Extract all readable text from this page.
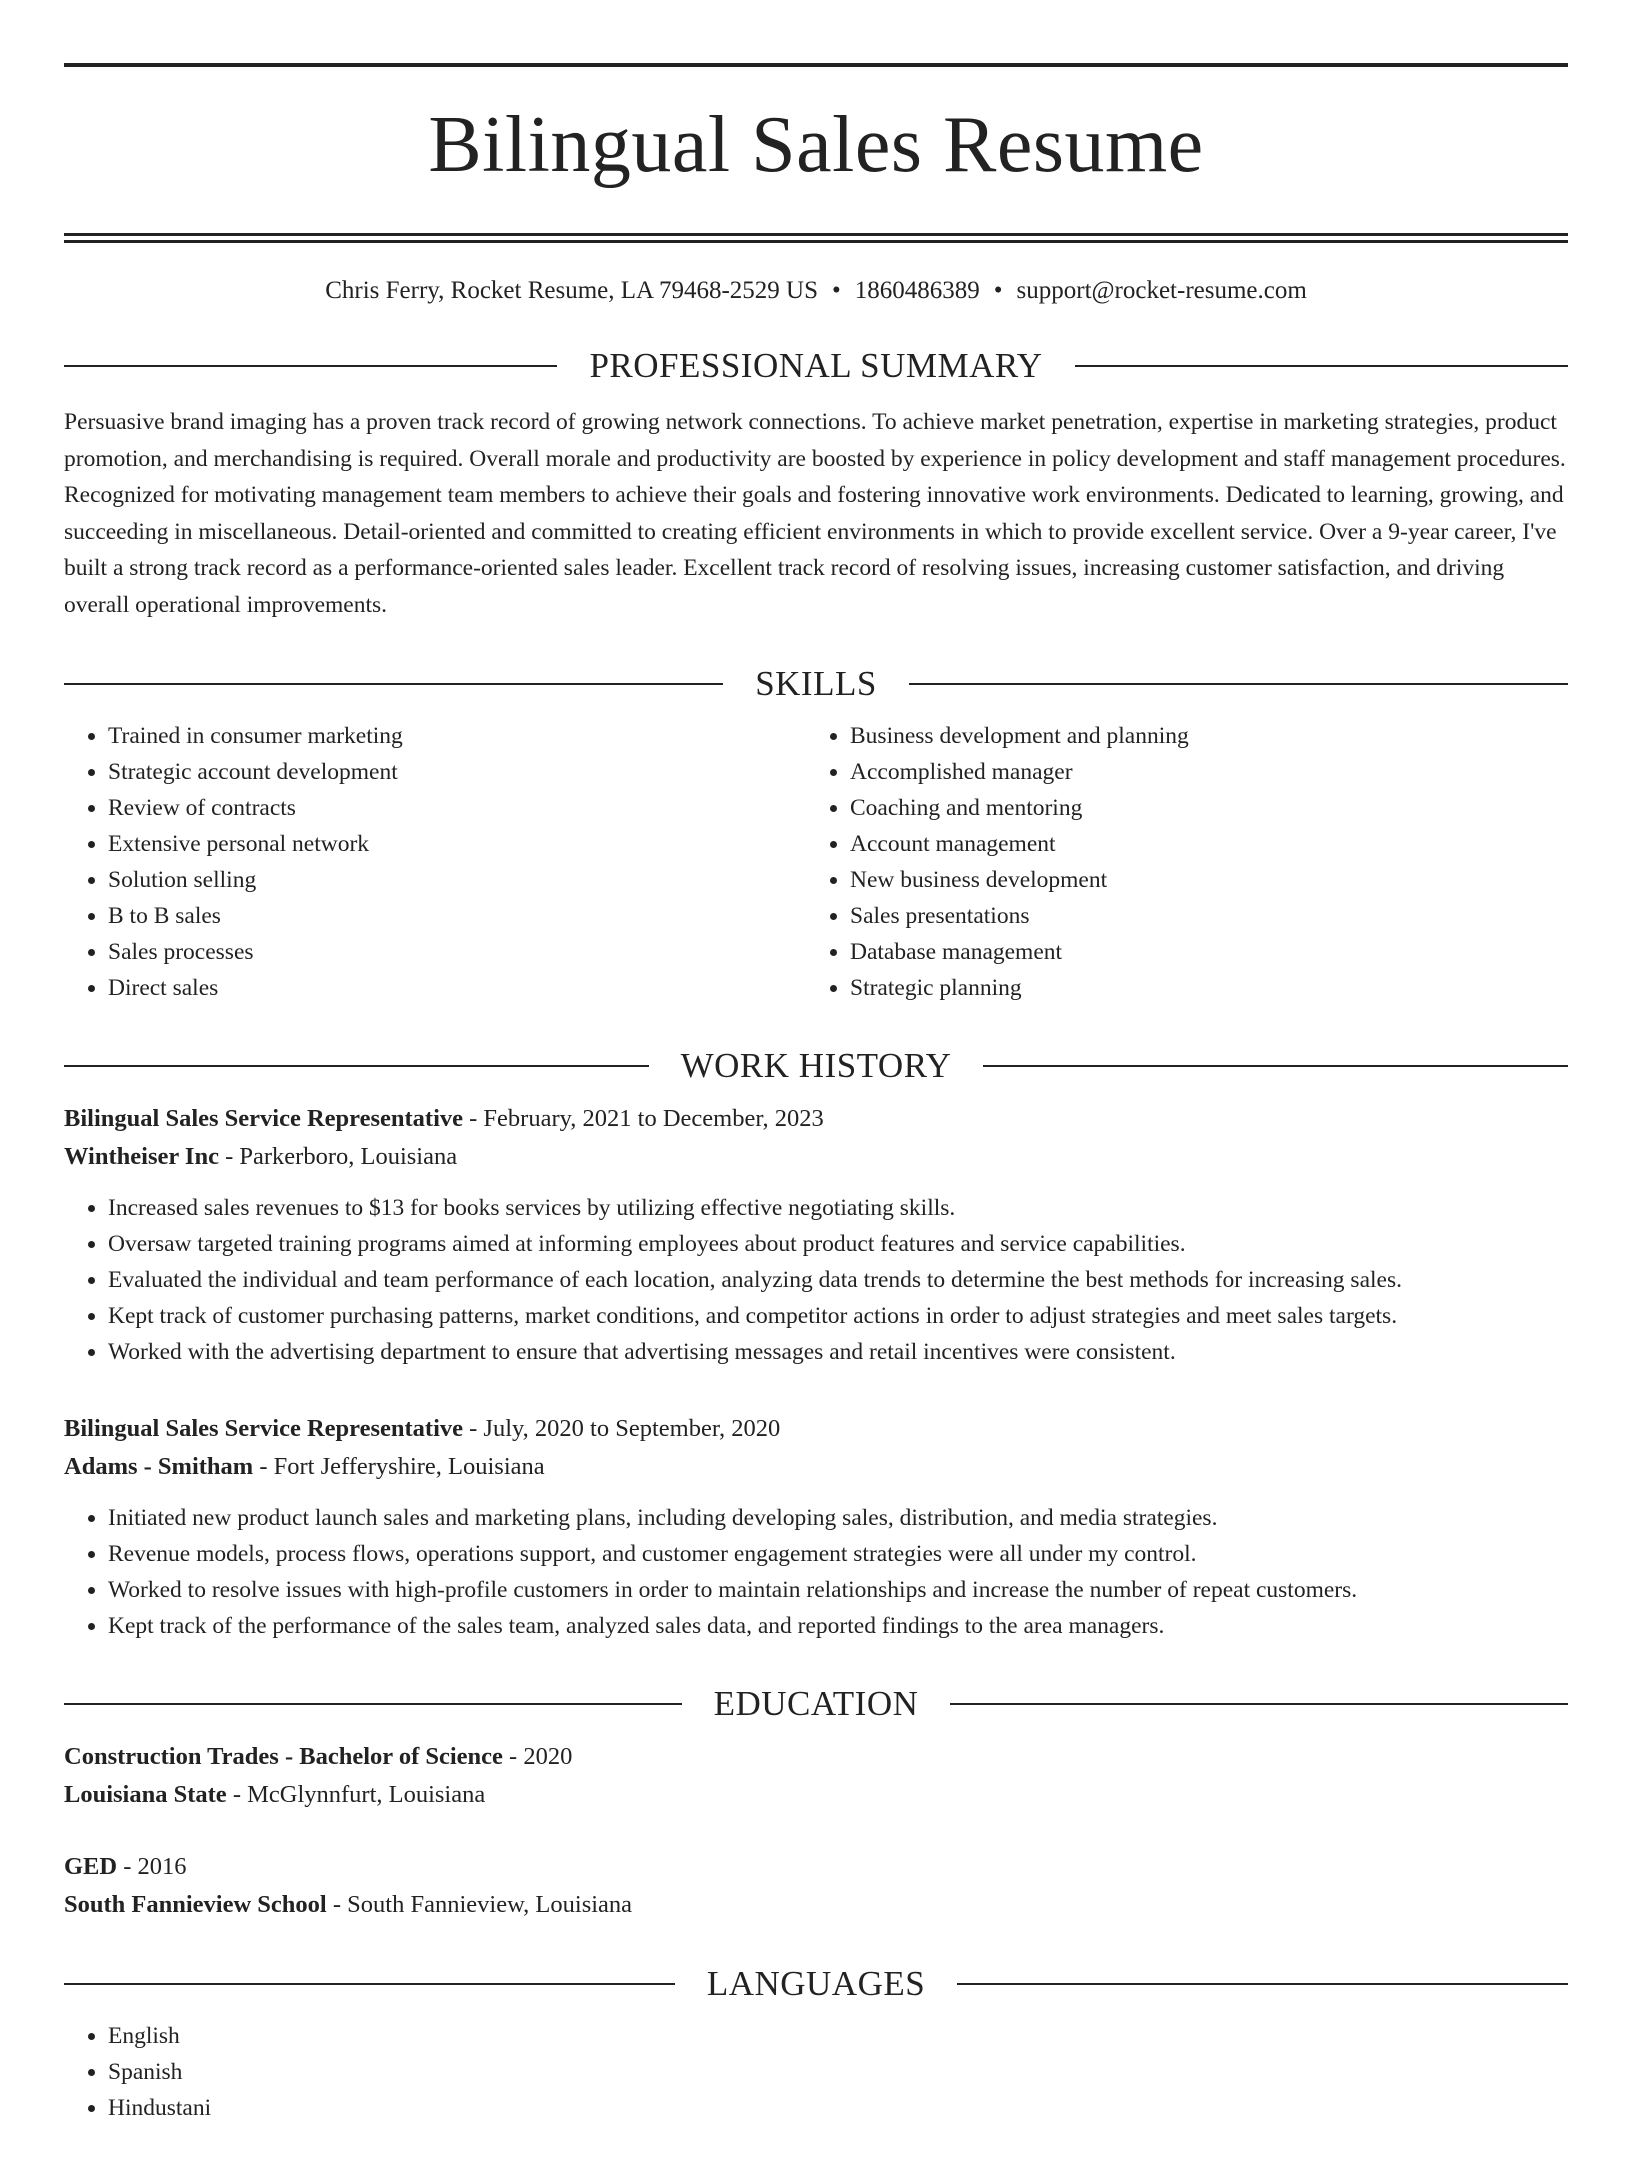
Bilingual Sales Resume
Chris Ferry, Rocket Resume, LA 79468-2529 US • 1860486389 • support@rocket-resume.com
PROFESSIONAL SUMMARY
Persuasive brand imaging has a proven track record of growing network connections. To achieve market penetration, expertise in marketing strategies, product promotion, and merchandising is required. Overall morale and productivity are boosted by experience in policy development and staff management procedures. Recognized for motivating management team members to achieve their goals and fostering innovative work environments. Dedicated to learning, growing, and succeeding in miscellaneous. Detail-oriented and committed to creating efficient environments in which to provide excellent service. Over a 9-year career, I've built a strong track record as a performance-oriented sales leader. Excellent track record of resolving issues, increasing customer satisfaction, and driving overall operational improvements.
SKILLS
• Trained in consumer marketing
• Strategic account development
• Review of contracts
• Extensive personal network
• Solution selling
• B to B sales
• Sales processes
• Direct sales
• Business development and planning
• Accomplished manager
• Coaching and mentoring
• Account management
• New business development
• Sales presentations
• Database management
• Strategic planning
WORK HISTORY
Bilingual Sales Service Representative - February, 2021 to December, 2023
Wintheiser Inc - Parkerboro, Louisiana
• Increased sales revenues to $13 for books services by utilizing effective negotiating skills.
• Oversaw targeted training programs aimed at informing employees about product features and service capabilities.
• Evaluated the individual and team performance of each location, analyzing data trends to determine the best methods for increasing sales.
• Kept track of customer purchasing patterns, market conditions, and competitor actions in order to adjust strategies and meet sales targets.
• Worked with the advertising department to ensure that advertising messages and retail incentives were consistent.
Bilingual Sales Service Representative - July, 2020 to September, 2020
Adams - Smitham - Fort Jefferyshire, Louisiana
• Initiated new product launch sales and marketing plans, including developing sales, distribution, and media strategies.
• Revenue models, process flows, operations support, and customer engagement strategies were all under my control.
• Worked to resolve issues with high-profile customers in order to maintain relationships and increase the number of repeat customers.
• Kept track of the performance of the sales team, analyzed sales data, and reported findings to the area managers.
EDUCATION
Construction Trades - Bachelor of Science - 2020
Louisiana State - McGlynnfurt, Louisiana
GED - 2016
South Fannieview School - South Fannieview, Louisiana
LANGUAGES
• English
• Spanish
• Hindustani
